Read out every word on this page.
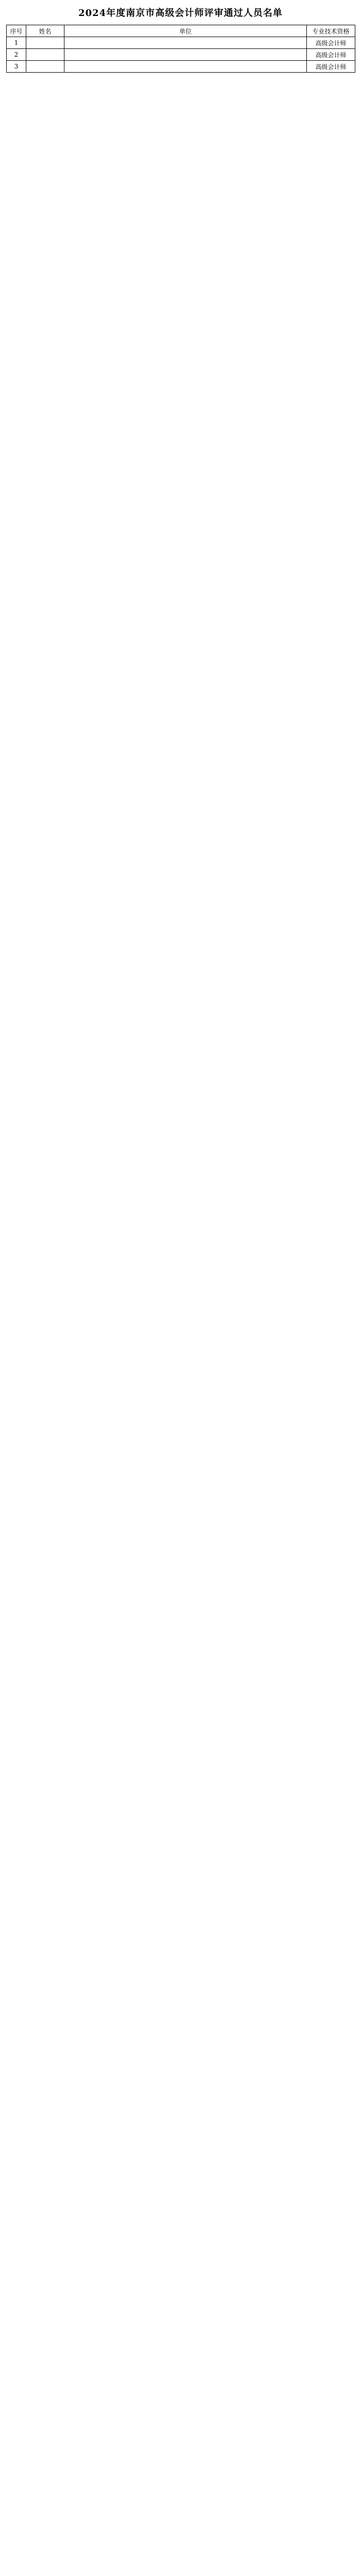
2024年度南京市高级会计师评审通过人员名单
序号	姓名	单位	专业技术资格
1			高级会计师
2			高级会计师
3			高级会计师
